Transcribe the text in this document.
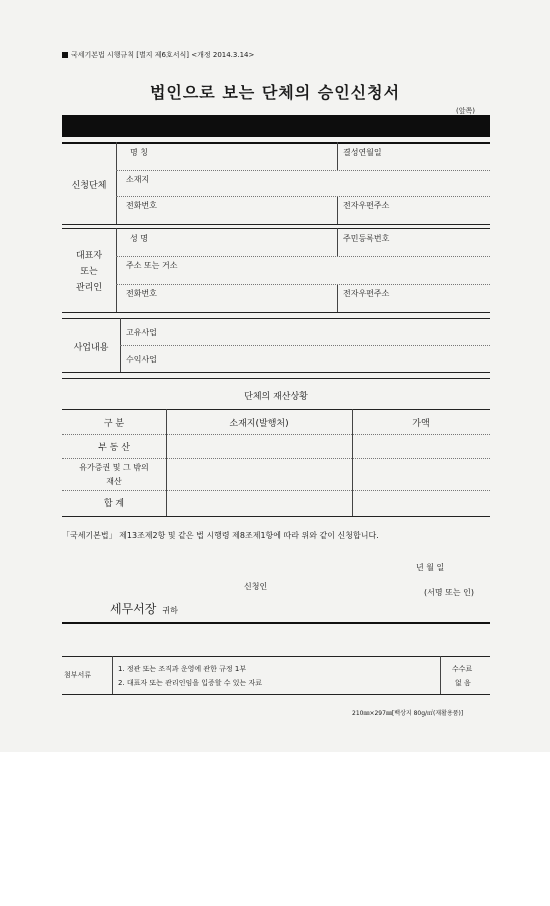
국세기본법 시행규칙 [별지 제6호서식] <개정 2014.3.14>
법인으로 보는 단체의 승인신청서
(앞쪽)
신청단체
명 칭	결성연월일
소재지
전화번호	전자우편주소
대표자
또는
관리인
성 명	주민등록번호
주소 또는 거소
전화번호	전자우편주소
사업내용
고유사업
수익사업
단체의 재산상황
구 분	소재지(발행처)	가액
부 동 산
유가증권 및 그 밖의
재산
합 계
「국세기본법」 제13조제2항 및 같은 법 시행령 제8조제1항에 따라 위와 같이 신청합니다.
년 월 일
신청인
(서명 또는 인)
세무서장 귀하
첨부서류
1. 정관 또는 조직과 운영에 관한 규정 1부
2. 대표자 또는 관리인임을 입증할 수 있는 자료
수수료
없 음
210㎜×297㎜[백상지 80g/㎡(재활용품)]
